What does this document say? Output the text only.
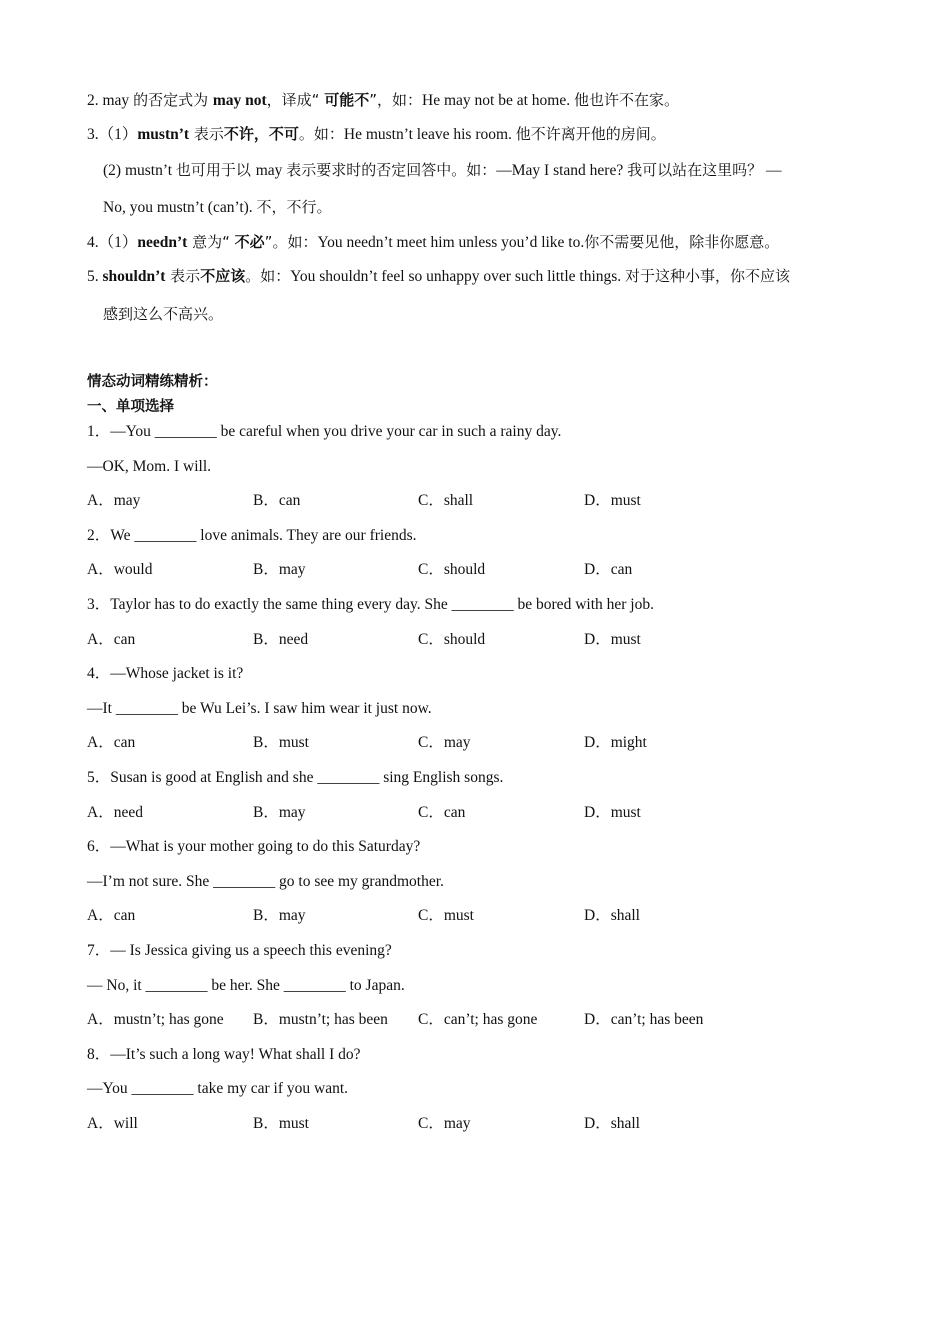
2. may 的否定式为 may not，译成“ 可能不”，如：He may not be at home. 他也许不在家。
3.（1）mustn’t 表示不许，不可。如：He mustn’t leave his room. 他不许离开他的房间。
(2) mustn’t 也可用于以 may 表示要求时的否定回答中。如：—May I stand here? 我可以站在这里吗？ —
No, you mustn’t (can’t). 不，不行。
4.（1）needn’t 意为“ 不必”。如：You needn’t meet him unless you’d like to.你不需要见他，除非你愿意。
5. shouldn’t 表示不应该。如：You shouldn’t feel so unhappy over such little things. 对于这种小事，你不应该
感到这么不高兴。
情态动词精练精析：
一、单项选择
1．—You ________ be careful when you drive your car in such a rainy day.
—OK, Mom. I will.
A．may	B．can	C．shall	D．must
2．We ________ love animals. They are our friends.
A．would	B．may	C．should	D．can
3．Taylor has to do exactly the same thing every day. She ________ be bored with her job.
A．can	B．need	C．should	D．must
4．—Whose jacket is it?
—It ________ be Wu Lei’s. I saw him wear it just now.
A．can	B．must	C．may	D．might
5．Susan is good at English and she ________ sing English songs.
A．need	B．may	C．can	D．must
6．—What is your mother going to do this Saturday?
—I’m not sure. She ________ go to see my grandmother.
A．can	B．may	C．must	D．shall
7．— Is Jessica giving us a speech this evening?
— No, it ________ be her. She ________ to Japan.
A．mustn’t; has gone B．mustn’t; has been C．can’t; has gone	D．can’t; has been
8．—It’s such a long way! What shall I do?
—You ________ take my car if you want.
A．will	B．must	C．may	D．shall
